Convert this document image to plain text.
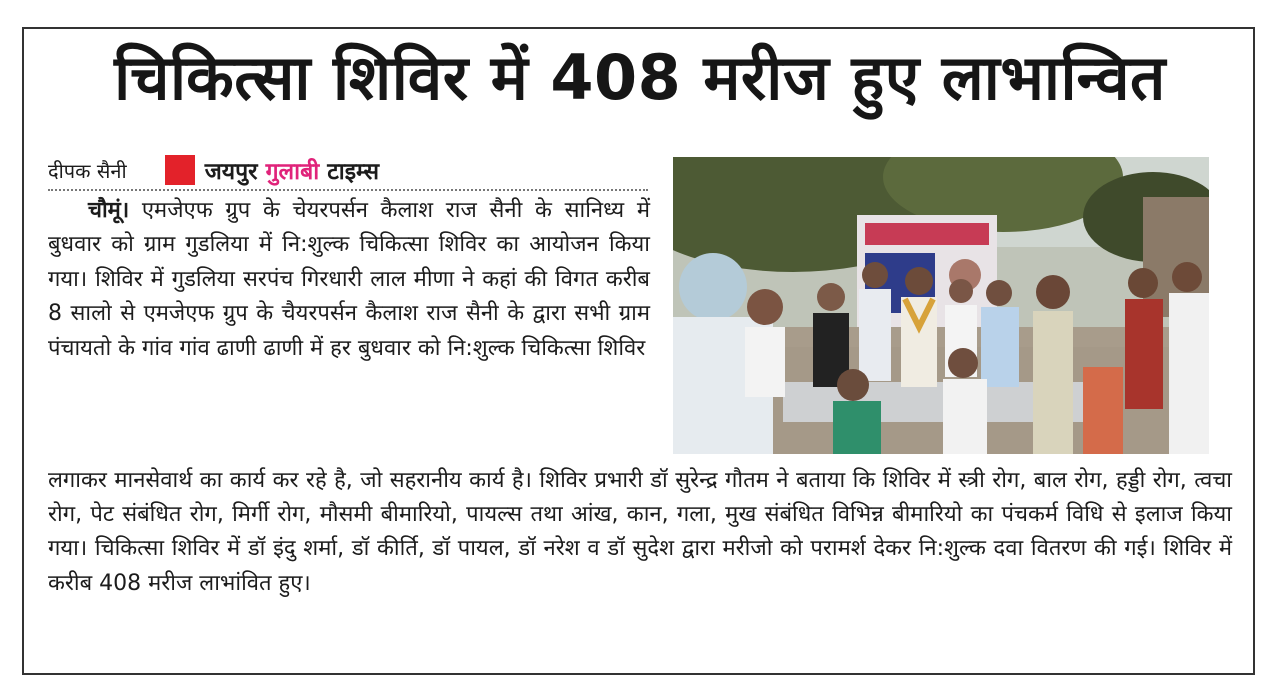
चिकित्सा शिविर में 408 मरीज हुए लाभान्वित
दीपक सैनी	जयपुर गुलाबी टाइम्स
चौमूं। एमजेएफ ग्रुप के चेयरपर्सन कैलाश राज सैनी के सानिध्य में बुधवार को ग्राम गुडलिया में नि:शुल्क चिकित्सा शिविर का आयोजन किया गया। शिविर में गुडलिया सरपंच गिरधारी लाल मीणा ने कहां की विगत करीब 8 सालो से एमजेएफ ग्रुप के चैयरपर्सन कैलाश राज सैनी के द्वारा सभी ग्राम पंचायतो के गांव गांव ढाणी ढाणी में हर बुधवार को नि:शुल्क चिकित्सा शिविर
लगाकर मानसेवार्थ का कार्य कर रहे है, जो सहरानीय कार्य है। शिविर प्रभारी डॉ सुरेन्द्र गौतम ने बताया कि शिविर में स्त्री रोग, बाल रोग, हड्डी रोग, त्वचा रोग, पेट संबंधित रोग, मिर्गी रोग, मौसमी बीमारियो, पायल्स तथा आंख, कान, गला, मुख संबंधित विभिन्न बीमारियो का पंचकर्म विधि से इलाज किया गया। चिकित्सा शिविर में डॉ इंदु शर्मा, डॉ कीर्ति, डॉ पायल, डॉ नरेश व डॉ सुदेश द्वारा मरीजो को परामर्श देकर नि:शुल्क दवा वितरण की गई। शिविर में करीब 408 मरीज लाभांवित हुए।
